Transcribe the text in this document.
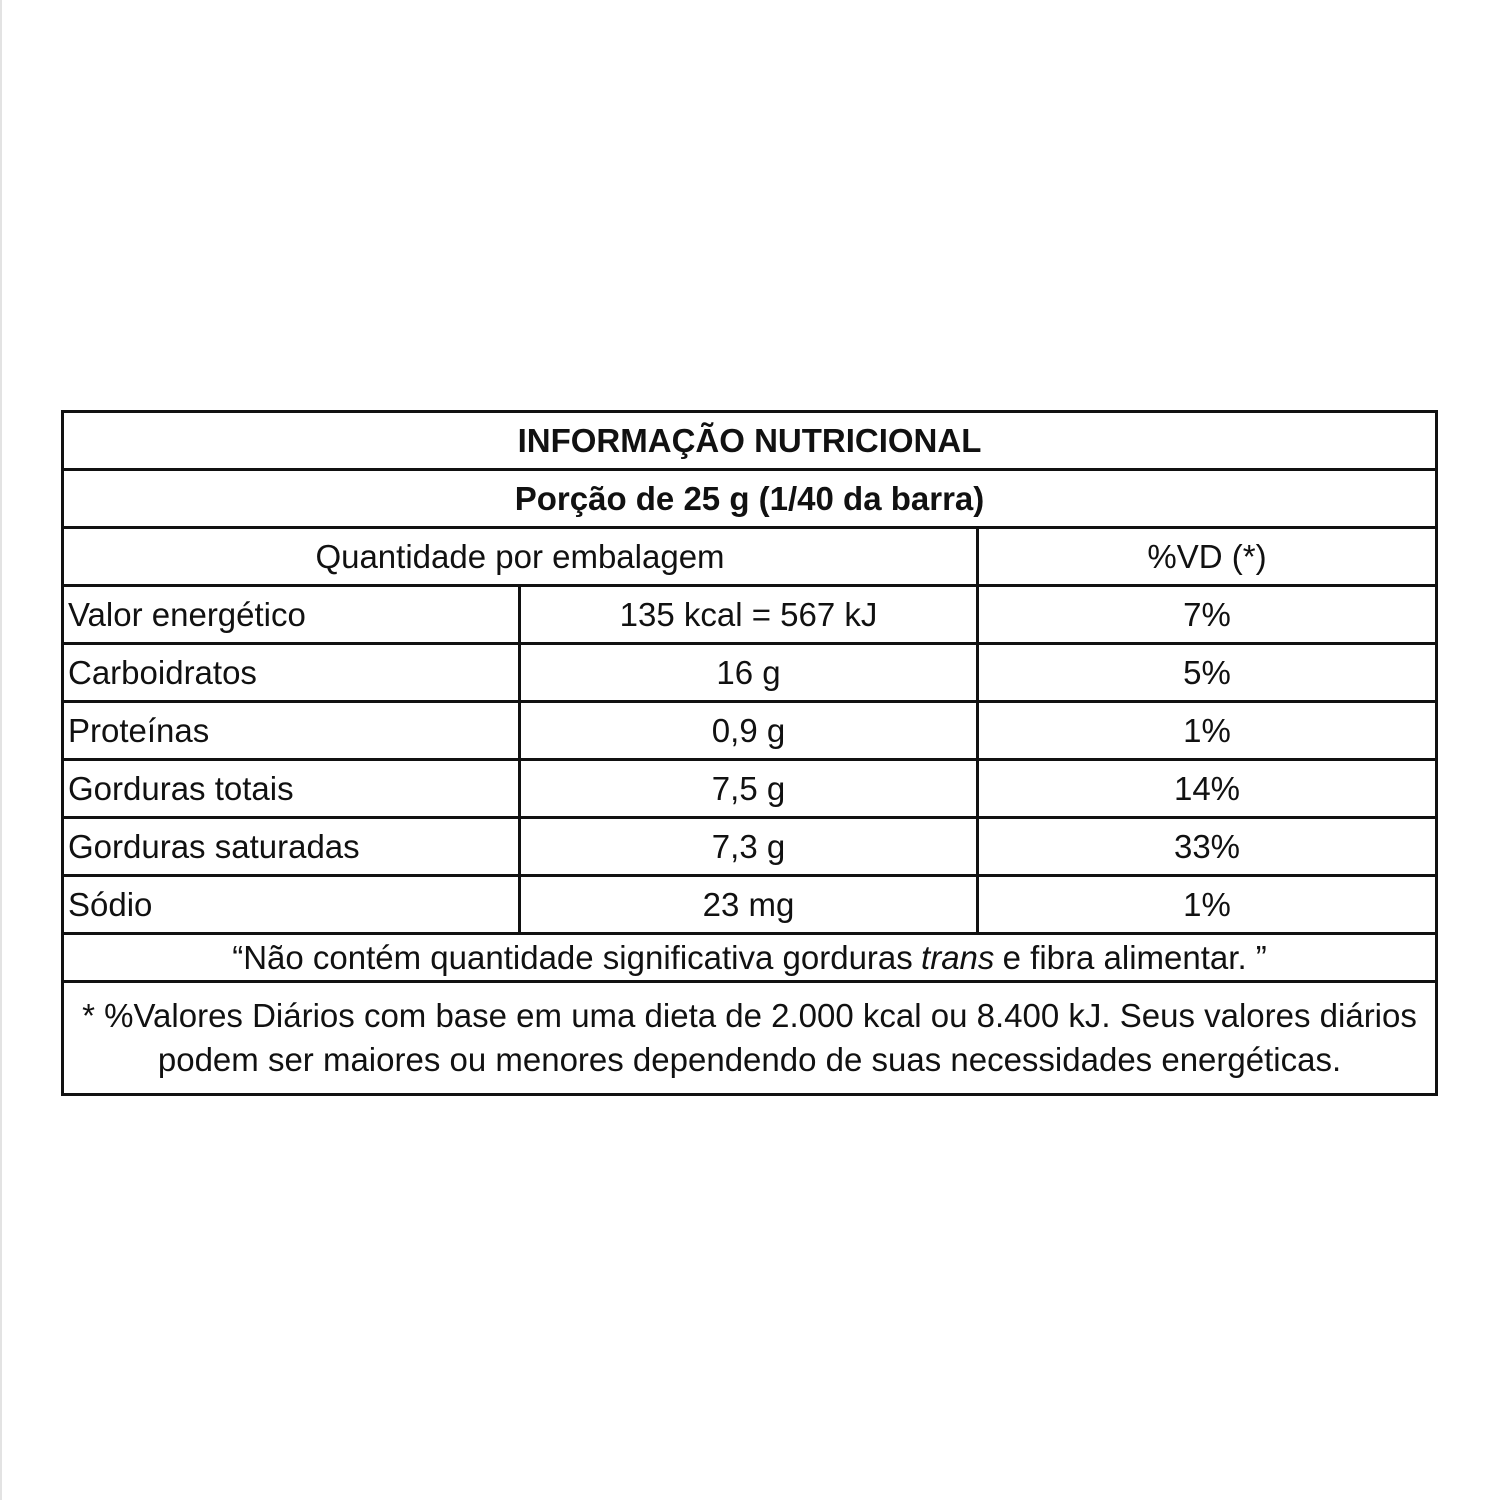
INFORMAÇÃO NUTRICIONAL
Porção de 25 g (1/40 da barra)
Quantidade por embalagem	%VD (*)
Valor energético	135 kcal = 567 kJ	7%
Carboidratos	16 g	5%
Proteínas	0,9 g	1%
Gorduras totais	7,5 g	14%
Gorduras saturadas	7,3 g	33%
Sódio	23 mg	1%
“Não contém quantidade significativa gorduras trans e fibra alimentar. ”
* %Valores Diários com base em uma dieta de 2.000 kcal ou 8.400 kJ. Seus valores diários podem ser maiores ou menores dependendo de suas necessidades energéticas.
